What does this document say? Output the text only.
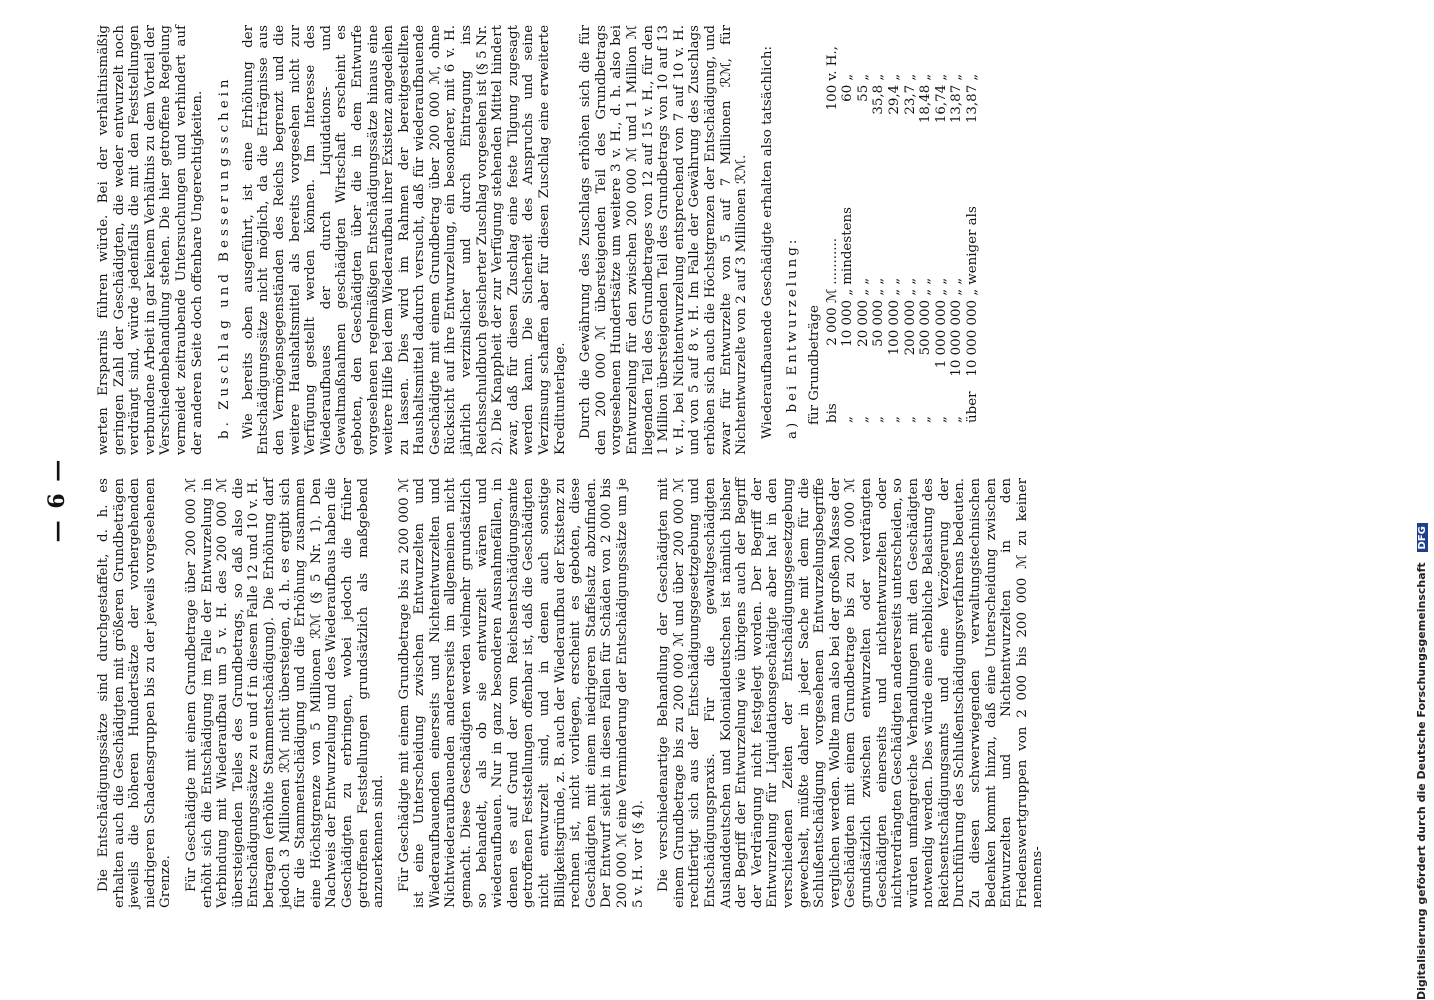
— 6 — Die Entschädigungssätze sind durchgestaffelt, d. h. es erhalten auch die Geschädigten mit größeren Grundbeträgen jeweils die höheren Hundertsätze der vorhergehenden niedrigeren Schadensgruppen bis zu der jeweils vorgesehenen Grenze. Für Geschädigte mit einem Grundbetrage über 200 000 ℳ erhöht sich die Entschädigung im Falle der Entwurzelung in Verbindung mit Wiederaufbau um 5 v. H. des 200 000 ℳ übersteigenden Teiles des Grundbetrags, so daß also die Entschädigungssätze zu e und f in diesem Falle 12 und 10 v. H. betragen (erhöhte Stammentschädigung). Die Erhöhung darf jedoch 3 Millionen ℛℳ nicht übersteigen, d. h. es ergibt sich für die Stammentschädigung und die Erhöhung zusammen eine Höchstgrenze von 5 Millionen ℛℳ (§ 5 Nr. 1). Den Nachweis der Entwurzelung und des Wiederaufbaus haben die Geschädigten zu erbringen, wobei jedoch die früher getroffenen Feststellungen grundsätzlich als maßgebend anzuerkennen sind. Für Geschädigte mit einem Grundbetrage bis zu 200 000 ℳ ist eine Unterscheidung zwischen Entwurzelten und Wiederaufbauenden einerseits und Nichtentwurzelten und Nichtwiederaufbauenden andererseits im allgemeinen nicht gemacht. Diese Geschädigten werden vielmehr grundsätzlich so behandelt, als ob sie entwurzelt wären und wiederaufbauen. Nur in ganz besonderen Ausnahmefällen, in denen es auf Grund der vom Reichsentschädigungsamte getroffenen Feststellungen offenbar ist, daß die Geschädigten nicht entwurzelt sind, und in denen auch sonstige Billigkeitsgründe, z. B. auch der Wiederaufbau der Existenz zu rechnen ist, nicht vorliegen, erscheint es geboten, diese Geschädigten mit einem niedrigeren Staffelsatz abzufinden. Der Entwurf sieht in diesen Fällen für Schäden von 2 000 bis 200 000 ℳ eine Verminderung der Entschädigungssätze um je 5 v. H. vor (§ 4). Die verschiedenartige Behandlung der Geschädigten mit einem Grundbetrage bis zu 200 000 ℳ und über 200 000 ℳ rechtfertigt sich aus der Entschädigungsgesetzgebung und Entschädigungspraxis. Für die gewaltgeschädigten Auslanddeutschen und Kolonialdeutschen ist nämlich bisher der Begriff der Entwurzelung wie übrigens auch der Begriff der Verdrängung nicht festgelegt worden. Der Begriff der Entwurzelung für Liquidationsgeschädigte aber hat in den verschiedenen Zeiten der Entschädigungsgesetzgebung gewechselt, müßte daher in jeder Sache mit dem für die Schlußentschädigung vorgesehenen Entwurzelungsbegriffe verglichen werden. Wollte man also bei der großen Masse der Geschädigten mit einem Grundbetrage bis zu 200 000 ℳ grundsätzlich zwischen entwurzelten oder verdrängten Geschädigten einerseits und nichtentwurzelten oder nichtverdrängten Geschädigten andererseits unterscheiden, so würden umfangreiche Verhandlungen mit den Geschädigten notwendig werden. Dies würde eine erhebliche Belastung des Reichsentschädigungsamts und eine Verzögerung der Durchführung des Schlußentschädigungsverfahrens bedeuten. Zu diesen schwerwiegenden verwaltungstechnischen Bedenken kommt hinzu, daß eine Unterscheidung zwischen Entwurzelten und Nichtentwurzelten in den Friedenswertgruppen von 2 000 bis 200 000 ℳ zu keiner nennens-

werten Ersparnis führen würde. Bei der verhältnismäßig geringen Zahl der Geschädigten, die weder entwurzelt noch verdrängt sind, würde jedenfalls die mit den Feststellungen verbundene Arbeit in gar keinem Verhältnis zu dem Vorteil der Verschiedenbehandlung stehen. Die hier getroffene Regelung vermeidet zeitraubende Untersuchungen und verhindert auf der anderen Seite doch offenbare Ungerechtigkeiten. b. Zuschlag und Besserungsschein Wie bereits oben ausgeführt, ist eine Erhöhung der Entschädigungssätze nicht möglich, da die Erträgnisse aus den Vermögensgegenständen des Reichs begrenzt und die weitere Haushaltsmittel als bereits vorgesehen nicht zur Verfügung gestellt werden können. Im Interesse des Wiederaufbaues der durch Liquidations- und Gewaltmaßnahmen geschädigten Wirtschaft erscheint es geboten, den Geschädigten über die in dem Entwurfe vorgesehenen regelmäßigen Entschädigungssätze hinaus eine weitere Hilfe bei dem Wiederaufbau ihrer Existenz angedeihen zu lassen. Dies wird im Rahmen der bereitgestellten Haushaltsmittel dadurch versucht, daß für wiederaufbauende Geschädigte mit einem Grundbetrag über 200 000 ℳ, ohne Rücksicht auf ihre Entwurzelung, ein besonderer, mit 6 v. H. jährlich verzinslicher und durch Eintragung ins Reichsschuldbuch gesicherter Zuschlag vorgesehen ist (§ 5 Nr. 2). Die Knappheit der zur Verfügung stehenden Mittel hindert zwar, daß für diesen Zuschlag eine feste Tilgung zugesagt werden kann. Die Sicherheit des Anspruchs und seine Verzinsung schaffen aber für diesen Zuschlag eine erweiterte Kreditunterlage. Durch die Gewährung des Zuschlags erhöhen sich die für den 200 000 ℳ übersteigenden Teil des Grundbetrags vorgesehenen Hundertsätze um weitere 3 v. H., d. h. also bei Entwurzelung für den zwischen 200 000 ℳ und 1 Million ℳ liegenden Teil des Grundbetrages von 12 auf 15 v. H., für den 1 Million übersteigenden Teil des Grundbetrags von 10 auf 13 v. H., bei Nichtentwurzelung entsprechend von 7 auf 10 v. H. und von 5 auf 8 v. H. Im Falle der Gewährung des Zuschlags erhöhen sich auch die Höchstgrenzen der Entschädigung, und zwar für Entwurzelte von 5 auf 7 Millionen ℛℳ, für Nichtentwurzelte von 2 auf 3 Millionen ℛℳ. Wiederaufbauende Geschädigte erhalten also tatsächlich: a) bei Entwurzelung: für Grundbeträge bis	2 000 ℳ	...........	100	v. H.,
„	10 000 „	mindestens	60	„
„	20 000 „	„	55	„
„	50 000 „	„	35,8	„
„	100 000 „	„	29,4	„
„	200 000 „	„	23,7	„
„	500 000 „	„	18,48	„
„	1 000 000 „	„	16,74	„
„	10 000 000 „	„	13,87	„
über	10 000 000 „	weniger als	13,87	„
Digitalisierung gefördert durch die Deutsche Forschungsgemeinschaft DFG
